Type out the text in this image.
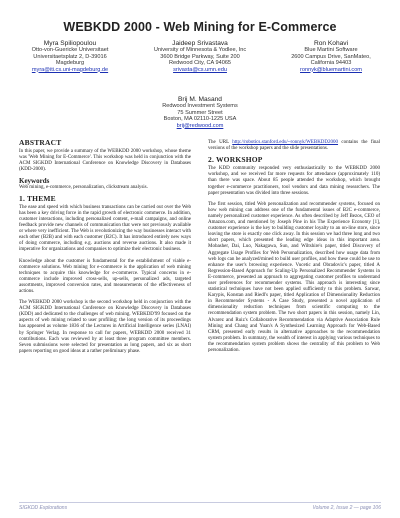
WEBKDD 2000 - Web Mining for E-Commerce
Myra Spiliopoulou
Otto-von-Guericke Universitaet
Universitaetsplatz 2, D-39016
Magdeburg
myra@iti.cs.uni-magdeburg.de
Jaideep Srivastava
University of Minnesota & Yodlee, Inc
3600 Bridge Parkway, Suite 200
Redwood City, CA 94065
srivasta@cs.umn.edu
Ron Kohavi
Blue Martini Software
2600 Campus Drive, SanMateo,
California 94403
ronnyk@bluemartini.com
Brij M. Masand
Redwood Investment Systems
75 Summer Street
Boston, MA 02110-1225 USA
brij@redwood.com
ABSTRACT

In this paper, we provide a summary of the WEBKDD 2000 workshop, whose theme was 'Web Mining for E-Commerce'. This workshop was held in conjunction with the ACM SIGKDD International Conference on Knowledge Discovery in Databases (KDD-2000).

Keywords

Web mining, e-commerce, personalization, clickstream analysis.

1. THEME

The ease and speed with which business transactions can be carried out over the Web has been a key driving force in the rapid growth of electronic commerce. In addition, customer interactions, including personalized content, e-mail campaigns, and online feedback provide new channels of communication that were not previously available or where very inefficient. The Web is revolutionizing the way businesses interact with each other (B2B) and with each customer (B2C). It has introduced entirely new ways of doing commerce, including e.g. auctions and reverse auctions. It also made it imperative for organizations and companies to optimize their electronic business.

Knowledge about the customer is fundamental for the establishment of viable e-commerce solutions. Web mining for e-commerce is the application of web mining techniques to acquire this knowledge for e-commerce. Typical concerns in e-commerce include improved cross-sells, up-sells, personalized ads, targeted assortments, improved conversion rates, and measurements of the effectiveness of actions.

The WEBKDD 2000 workshop is the second workshop held in conjunction with the ACM SIGKDD International Conference on Knowledge Discovery in Databases (KDD) and dedicated to the challenges of web mining. WEBKDD'99 focused on the aspects of web mining related to user profiling; the long version of its proceedings has appeared as volume 1836 of the Lectures in Artificial Intelligence series (LNAI) by Springer Verlag. In response to call for papers, WEBKDD 2000 received 31 contributions. Each was reviewed by at least three program committee members. Seven submissions were selected for presentation as long papers, and six as short papers reporting on good ideas at a rather preliminary phase.

The URL http://robotics.stanford.edu/~ronnyk/WEBKDD2000 contains the final versions of the workshop papers and the slide presentations.

2. WORKSHOP

The KDD community responded very enthusiastically to the WEBKDD 2000 workshop, and we received far more requests for attendance (approximately 110) than there was space. About 85 people attended the workshop, which brought together e-commerce practitioners, tool vendors and data mining researchers. The paper presentation was divided into three sessions.

The first session, titled Web personalization and recommender systems, focused on how web mining can address one of the fundamental issues of B2C e-commerce, namely personalized customer experience. As often described by Jeff Bezos, CEO of Amazon.com, and mentioned by Joseph Pine in his The Experience Economy [1], customer experience is the key to building customer loyalty to an on-line store, since leaving the store is exactly one click away. In this session we had three long and two short papers, which presented the leading edge ideas in this important area. Mobasher, Dai, Luo, Nakagawa, Sun, and Wiltshire's paper, titled Discovery of Aggregate Usage Profiles for Web Personalization, described how usage data from web logs can be analyzed/mined to build user profiles, and how these could be use to enhance the user's browsing experience. Vucetic and Obradovic's paper, titled A Regression-Based Approach for Scaling-Up Personalized Recommender Systems in E-commerce, presented an approach to aggregating customer profiles to understand user preferences for recommender systems. This approach is interesting since statistical techniques have not been applied sufficiently to this problem. Sarwar, Karypis, Konstan and Riedl's paper, titled Application of Dimensionality Reduction in Recommender Systems - A Case Study, presented a novel application of dimensionality reduction techniques from scientific computing to the recommendation system problem. The two short papers in this session, namely Lin, Alvarez and Ruiz's Collaborative Recommendation via Adaptive Association Rule Mining and Chang and Yuan's A Synthesized Learning Approach for Web-Based CRM, presented early results in alternative approaches to the recommendation system problem. In summary, the wealth of interest in applying various techniques to the recommendation system problem shows the centrality of this problem to Web personalization.

SIGKDD Explorations	Volume 2, Issue 2 — page 106
